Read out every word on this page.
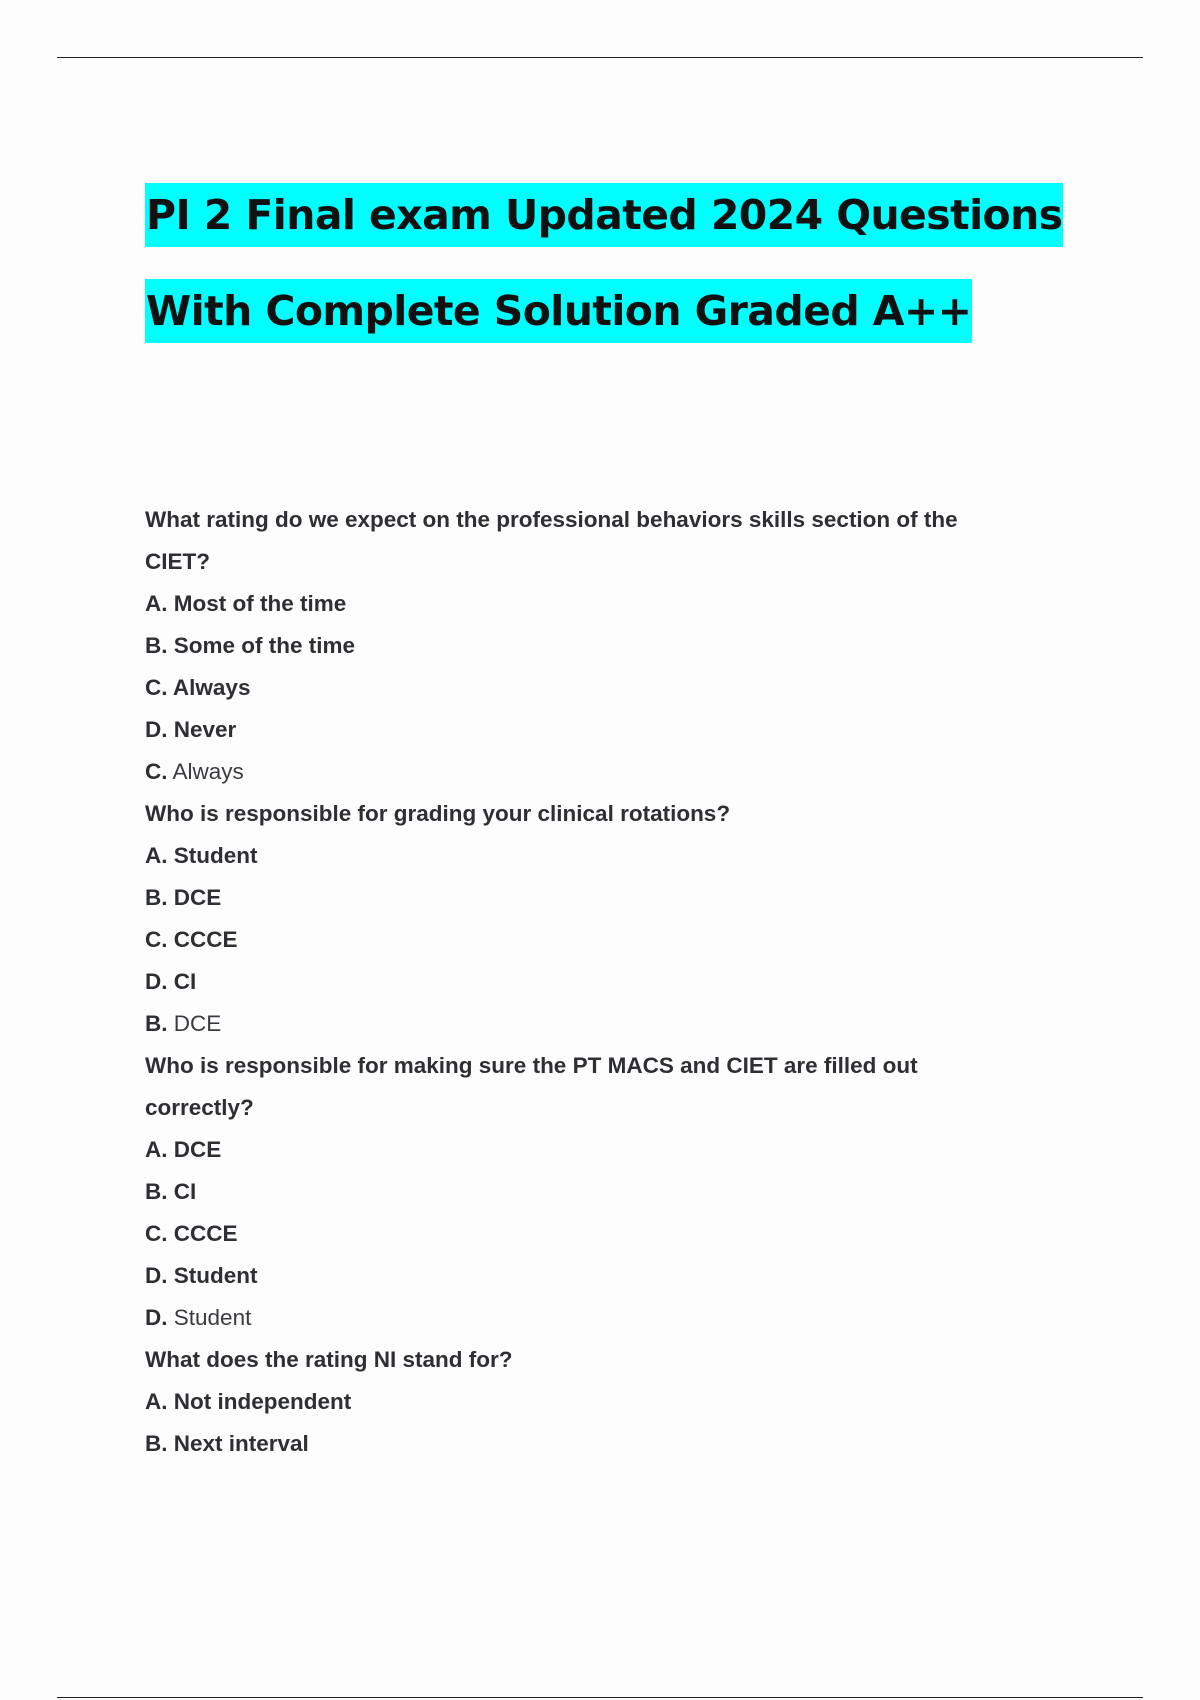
PI 2 Final exam Updated 2024 Questions
With Complete Solution Graded A++
What rating do we expect on the professional behaviors skills section of the
CIET?
A. Most of the time
B. Some of the time
C. Always
D. Never
C. Always
Who is responsible for grading your clinical rotations?
A. Student
B. DCE
C. CCCE
D. CI
B. DCE
Who is responsible for making sure the PT MACS and CIET are filled out
correctly?
A. DCE
B. CI
C. CCCE
D. Student
D. Student
What does the rating NI stand for?
A. Not independent
B. Next interval
